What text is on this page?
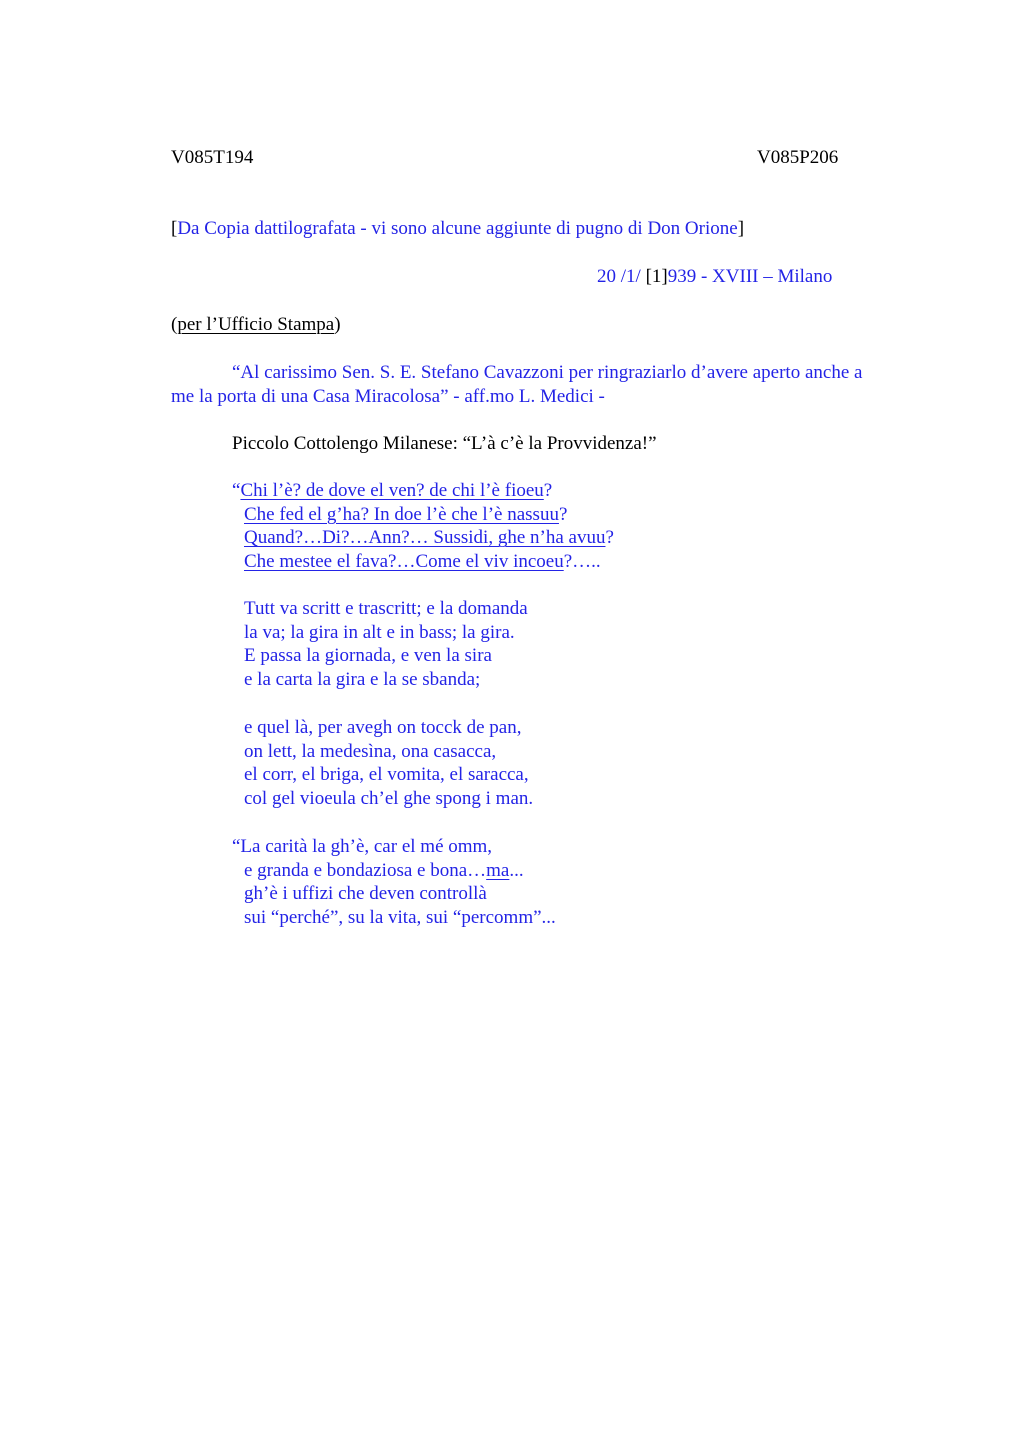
V085T194	V085P206
[Da Copia dattilografata - vi sono alcune aggiunte di pugno di Don Orione]
20 /1/ [1]939 - XVIII – Milano
(per l’Ufficio Stampa)
“Al carissimo Sen. S. E. Stefano Cavazzoni per ringraziarlo d’avere aperto anche a
me la porta di una Casa Miracolosa” - aff.mo L. Medici -
Piccolo Cottolengo Milanese: “L’à c’è la Provvidenza!”
“Chi l’è? de dove el ven? de chi l’è fioeu?
Che fed el g’ha? In doe l’è che l’è nassuu?
Quand?…Di?…Ann?… Sussidi, ghe n’ha avuu?
Che mestee el fava?…Come el viv incoeu?…..
Tutt va scritt e trascritt; e la domanda
la va; la gira in alt e in bass; la gira.
E passa la giornada, e ven la sira
e la carta la gira e la se sbanda;
e quel là, per avegh on tocck de pan,
on lett, la medesìna, ona casacca,
el corr, el briga, el vomita, el saracca,
col gel vioeula ch’el ghe spong i man.
“La carità la gh’è, car el mé omm,
e granda e bondaziosa e bona…ma...
gh’è i uffizi che deven controllà
sui “perché”, su la vita, sui “percomm”...
